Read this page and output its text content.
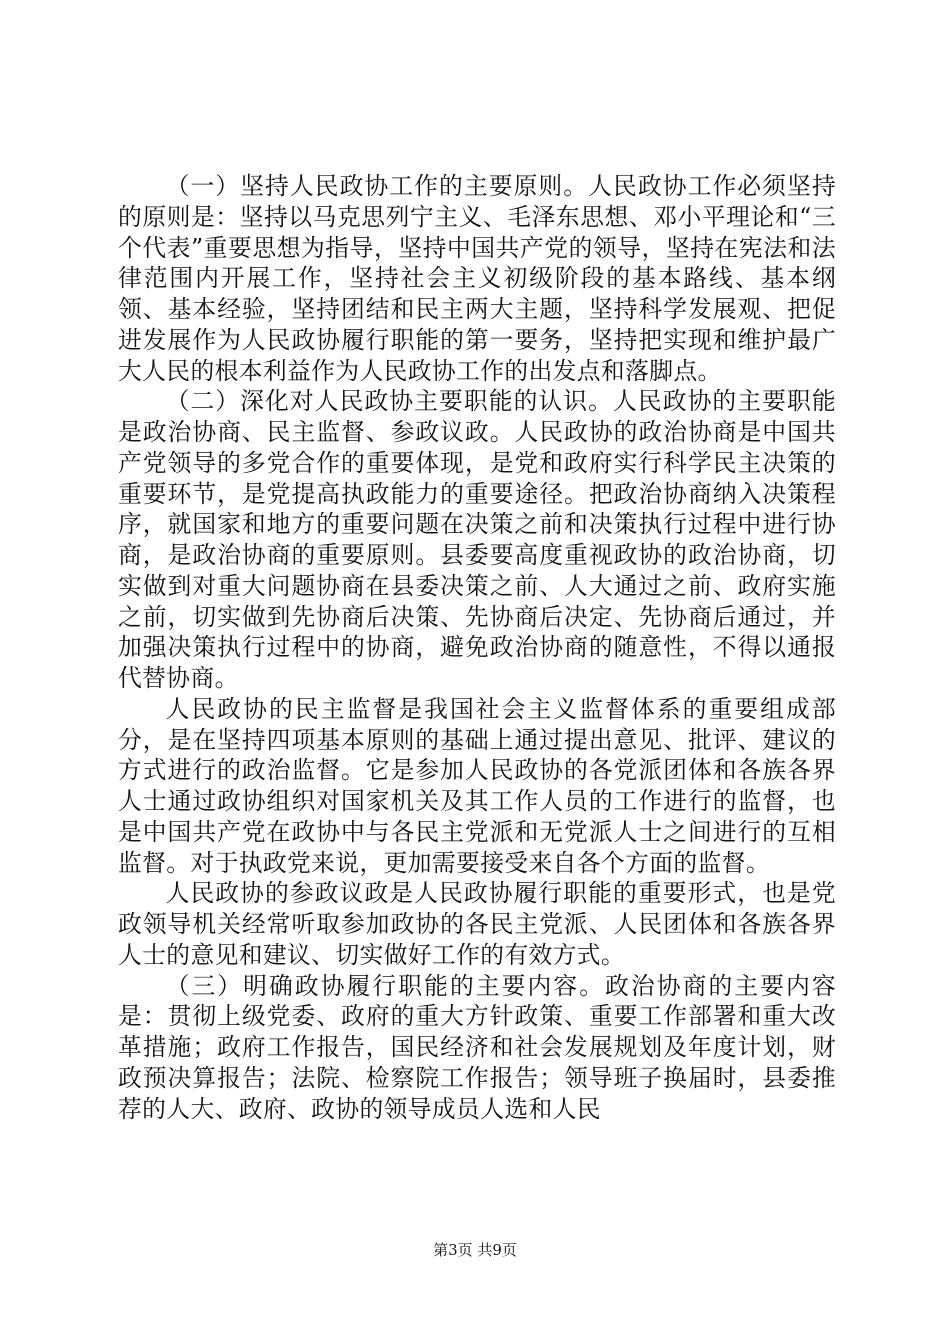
（一）坚持人民政协工作的主要原则。人民政协工作必须坚持的原则是：坚持以马克思列宁主义、毛泽东思想、邓小平理论和“三个代表”重要思想为指导，坚持中国共产党的领导，坚持在宪法和法律范围内开展工作，坚持社会主义初级阶段的基本路线、基本纲领、基本经验，坚持团结和民主两大主题，坚持科学发展观、把促进发展作为人民政协履行职能的第一要务，坚持把实现和维护最广大人民的根本利益作为人民政协工作的出发点和落脚点。

（二）深化对人民政协主要职能的认识。人民政协的主要职能是政治协商、民主监督、参政议政。人民政协的政治协商是中国共产党领导的多党合作的重要体现，是党和政府实行科学民主决策的重要环节，是党提高执政能力的重要途径。把政治协商纳入决策程序，就国家和地方的重要问题在决策之前和决策执行过程中进行协商，是政治协商的重要原则。县委要高度重视政协的政治协商，切实做到对重大问题协商在县委决策之前、人大通过之前、政府实施之前，切实做到先协商后决策、先协商后决定、先协商后通过，并加强决策执行过程中的协商，避免政治协商的随意性，不得以通报代替协商。

人民政协的民主监督是我国社会主义监督体系的重要组成部分，是在坚持四项基本原则的基础上通过提出意见、批评、建议的方式进行的政治监督。它是参加人民政协的各党派团体和各族各界人士通过政协组织对国家机关及其工作人员的工作进行的监督，也是中国共产党在政协中与各民主党派和无党派人士之间进行的互相监督。对于执政党来说，更加需要接受来自各个方面的监督。

人民政协的参政议政是人民政协履行职能的重要形式，也是党政领导机关经常听取参加政协的各民主党派、人民团体和各族各界人士的意见和建议、切实做好工作的有效方式。

（三）明确政协履行职能的主要内容。政治协商的主要内容是：贯彻上级党委、政府的重大方针政策、重要工作部署和重大改革措施；政府工作报告，国民经济和社会发展规划及年度计划，财政预决算报告；法院、检察院工作报告；领导班子换届时，县委推荐的人大、政府、政协的领导成员人选和人民

第3页 共9页
